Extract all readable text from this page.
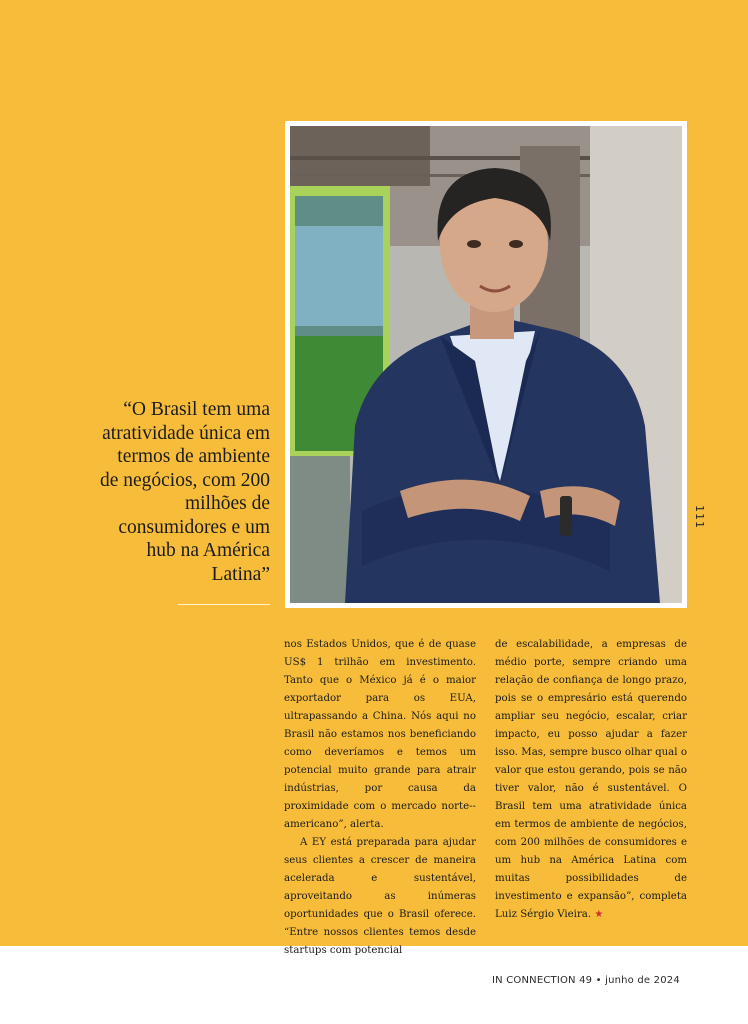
“O Brasil tem uma atratividade única em termos de ambiente de negócios, com 200 milhões de consumidores e um hub na América Latina”
111

nos Estados Unidos, que é de quase US$ 1 trilhão em investimento. Tanto que o México já é o maior exportador para os EUA, ultrapassando a China. Nós aqui no Brasil não estamos nos beneficiando como deveríamos e temos um potencial muito grande para atrair indústrias, por causa da proximidade com o mercado norte--americano”, alerta.

A EY está preparada para ajudar seus clientes a crescer de maneira acelerada e sustentável, aproveitando as inúmeras oportunidades que o Brasil oferece. “Entre nossos clientes temos desde startups com potencial

de escalabilidade, a empresas de médio porte, sempre criando uma relação de confiança de longo prazo, pois se o empresário está querendo ampliar seu negócio, escalar, criar impacto, eu posso ajudar a fazer isso. Mas, sempre busco olhar qual o valor que estou gerando, pois se não tiver valor, não é sustentável. O Brasil tem uma atratividade única em termos de ambiente de negócios, com 200 milhões de consumidores e um hub na América Latina com muitas possibilidades de investimento e expansão”, completa Luiz Sérgio Vieira. ★

IN CONNECTION 49 • junho de 2024
